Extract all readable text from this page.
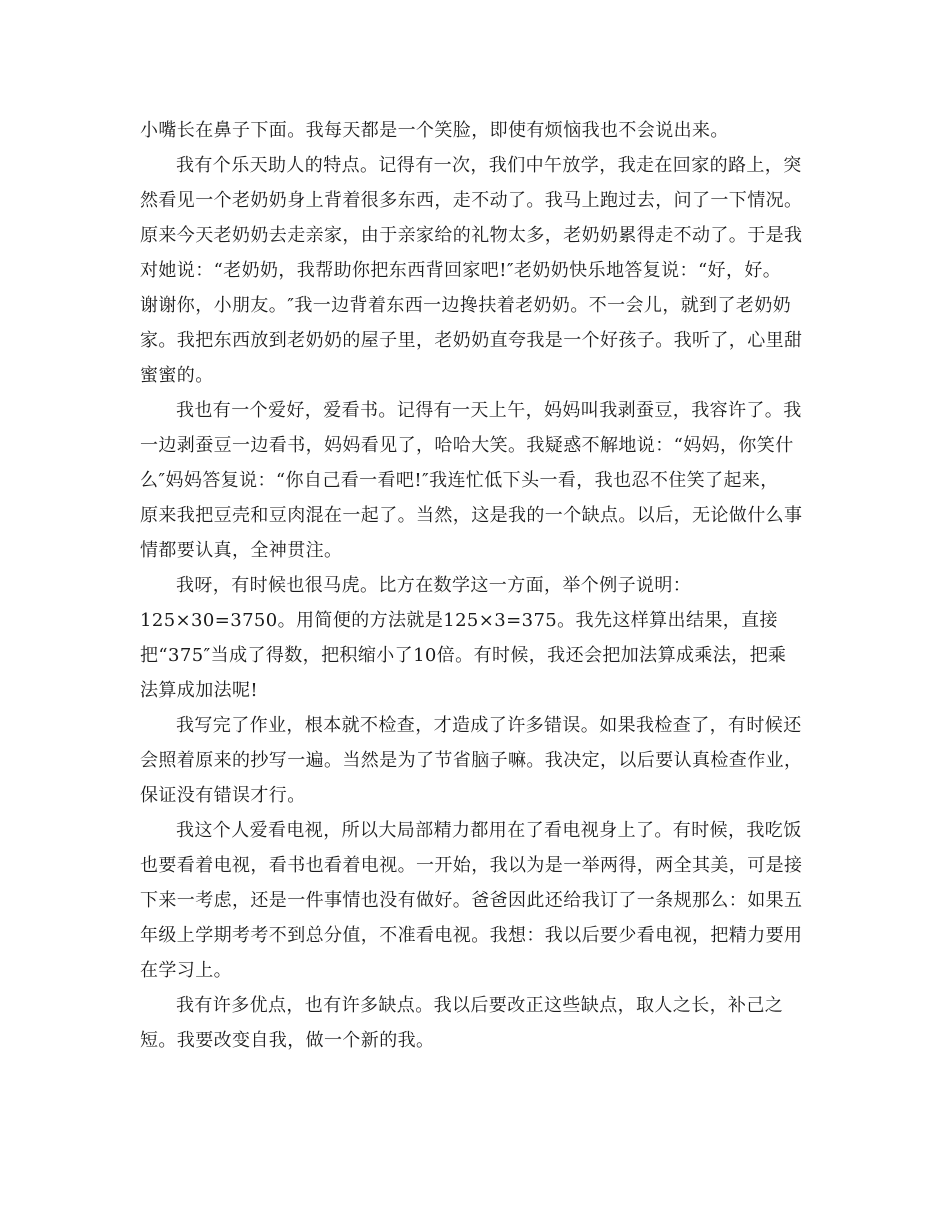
小嘴长在鼻子下面。我每天都是一个笑脸，即使有烦恼我也不会说出来。
我有个乐天助人的特点。记得有一次，我们中午放学，我走在回家的路上，突
然看见一个老奶奶身上背着很多东西，走不动了。我马上跑过去，问了一下情况。
原来今天老奶奶去走亲家，由于亲家给的礼物太多，老奶奶累得走不动了。于是我
对她说：“老奶奶，我帮助你把东西背回家吧!″老奶奶快乐地答复说：“好，好。
谢谢你，小朋友。″我一边背着东西一边搀扶着老奶奶。不一会儿，就到了老奶奶
家。我把东西放到老奶奶的屋子里，老奶奶直夸我是一个好孩子。我听了，心里甜
蜜蜜的。
我也有一个爱好，爱看书。记得有一天上午，妈妈叫我剥蚕豆，我容许了。我
一边剥蚕豆一边看书，妈妈看见了，哈哈大笑。我疑惑不解地说：“妈妈，你笑什
么″妈妈答复说：“你自己看一看吧!″我连忙低下头一看，我也忍不住笑了起来，
原来我把豆壳和豆肉混在一起了。当然，这是我的一个缺点。以后，无论做什么事
情都要认真，全神贯注。
我呀，有时候也很马虎。比方在数学这一方面，举个例子说明：
125×30=3750。用简便的方法就是125×3=375。我先这样算出结果，直接
把“375″当成了得数，把积缩小了10倍。有时候，我还会把加法算成乘法，把乘
法算成加法呢!
我写完了作业，根本就不检查，才造成了许多错误。如果我检查了，有时候还
会照着原来的抄写一遍。当然是为了节省脑子嘛。我决定，以后要认真检查作业，
保证没有错误才行。
我这个人爱看电视，所以大局部精力都用在了看电视身上了。有时候，我吃饭
也要看着电视，看书也看着电视。一开始，我以为是一举两得，两全其美，可是接
下来一考虑，还是一件事情也没有做好。爸爸因此还给我订了一条规那么：如果五
年级上学期考考不到总分值，不准看电视。我想：我以后要少看电视，把精力要用
在学习上。
我有许多优点，也有许多缺点。我以后要改正这些缺点，取人之长，补己之
短。我要改变自我，做一个新的我。
